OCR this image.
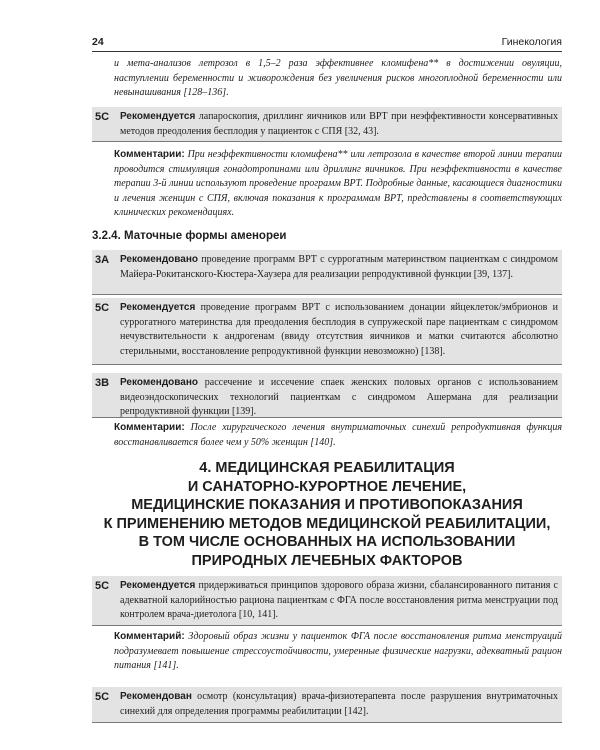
24	Гинекология

и мета-анализов летрозол в 1,5–2 раза эффективнее кломифена** в достижении овуляции, наступлении беременности и живорождения без увеличения рисков многоплодной беременности или невынашивания [128–136].

5С	Рекомендуется лапароскопия, дриллинг яичников или ВРТ при неэффективности консервативных методов преодоления бесплодия у пациенток с СПЯ [32, 43].

Комментарии: При неэффективности кломифена** или летрозола в качестве второй линии терапии проводится стимуляция гонадотропинами или дриллинг яичников. При неэффективности в качестве терапии 3-й линии используют проведение программ ВРТ. Подробные данные, касающиеся диагностики и лечения женщин с СПЯ, включая показания к программам ВРТ, представлены в соответствующих клинических рекомендациях.

3.2.4. Маточные формы аменореи
3А	Рекомендовано проведение программ ВРТ с суррогатным материнством пациенткам с синдромом Майера-Рокитанского-Кюстера-Хаузера для реализации репродуктивной функции [39, 137].
5С	Рекомендуется проведение программ ВРТ с использованием донации яйцеклеток/эмбрионов и суррогатного материнства для преодоления бесплодия в супружеской паре пациенткам с синдромом нечувствительности к андрогенам (ввиду отсутствия яичников и матки считаются абсолютно стерильными, восстановление репродуктивной функции невозможно) [138].
3В	Рекомендовано рассечение и иссечение спаек женских половых органов с использованием видеоэндоскопических технологий пациенткам с синдромом Ашермана для реализации репродуктивной функции [139].

Комментарии: После хирургического лечения внутриматочных синехий репродуктивная функция восстанавливается более чем у 50% женщин [140].

4. МЕДИЦИНСКАЯ РЕАБИЛИТАЦИЯ
И САНАТОРНО-КУРОРТНОЕ ЛЕЧЕНИЕ,
МЕДИЦИНСКИЕ ПОКАЗАНИЯ И ПРОТИВОПОКАЗАНИЯ
К ПРИМЕНЕНИЮ МЕТОДОВ МЕДИЦИНСКОЙ РЕАБИЛИТАЦИИ,
В ТОМ ЧИСЛЕ ОСНОВАННЫХ НА ИСПОЛЬЗОВАНИИ
ПРИРОДНЫХ ЛЕЧЕБНЫХ ФАКТОРОВ
5С	Рекомендуется придерживаться принципов здорового образа жизни, сбалансированного питания с адекватной калорийностью рациона пациенткам с ФГА после восстановления ритма менструации под контролем врача-диетолога [10, 141].

Комментарий: Здоровый образ жизни у пациенток ФГА после восстановления ритма менструаций подразумевает повышение стрессоустойчивости, умеренные физические нагрузки, адекватный рацион питания [141].

5С	Рекомендован осмотр (консультация) врача-физиотерапевта после разрушения внутриматочных синехий для определения программы реабилитации [142].
